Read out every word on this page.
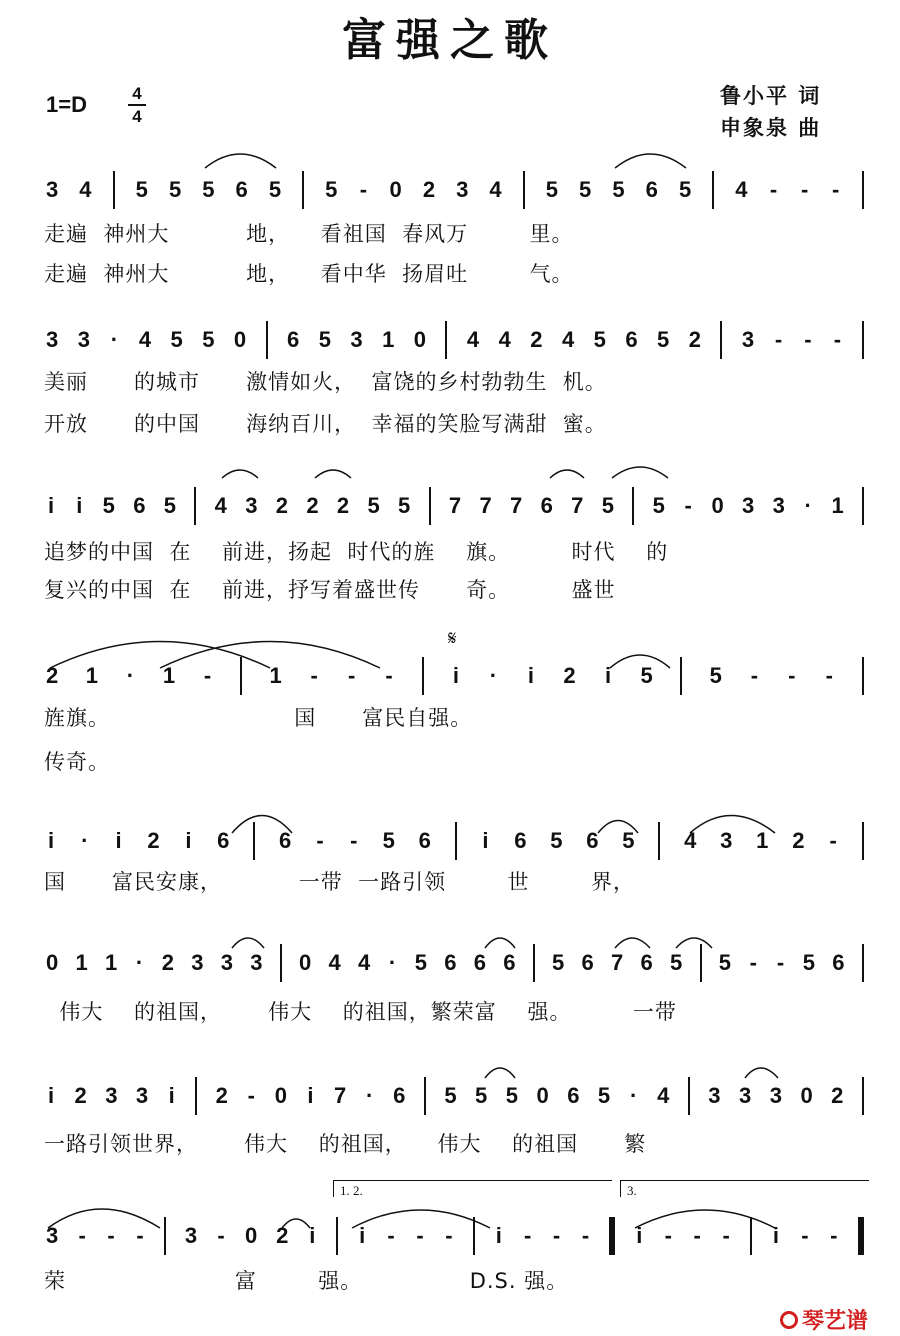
富强之歌
1=D	4
4
鲁小平 词
申象泉 曲
3 4 5 5 5 6 5 5 - 0 2 3 4 5 5 5 6 5 4 - - -
走遍  神州大          地，    看祖国  春风万        里。
走遍  神州大          地，    看中华  扬眉吐        气。
3 3 · 4 5 5 0 6 5 3 1 0 4 4 2 4 5 6 5 2 3 - - -
美丽      的城市      激情如火，  富饶的乡村勃勃生  机。
开放      的中国      海纳百川，  幸福的笑脸写满甜  蜜。
i i 5 6 5 4 3 2 2 2 5 5 7 7 7 6 7 5 5 - 0 3 3 · 1
追梦的中国  在    前进，扬起  时代的旌    旗。        时代    的
复兴的中国  在    前进，抒写着盛世传      奇。        盛世
2 1 · 1 -	1 - - -	i · i 2 i 5	5 - - -
旌旗。                        国      富民自强。
传奇。
i · i 2 i 6 6 - - 5 6 i 6 5 6 5 4 3 1 2 -
国      富民安康，          一带  一路引领        世        界，
0 1 1 · 2 3 3 3 0 4 4 · 5 6 6 6 5 6 7 6 5 5 - - 5 6
伟大    的祖国，      伟大    的祖国，繁荣富    强。        一带
i 2 3 3 i 2 - 0 i 7 · 6 5 5 5 0 6 5 · 4 3 3 3 0 2
一路引领世界，      伟大    的祖国，    伟大    的祖国      繁
3 - - - 3 - 0 2 i i - - - i - - - i - - - i - -
荣                      富        强。              D.S. 强。
𝄋
1. 2.	3.
琴艺谱
